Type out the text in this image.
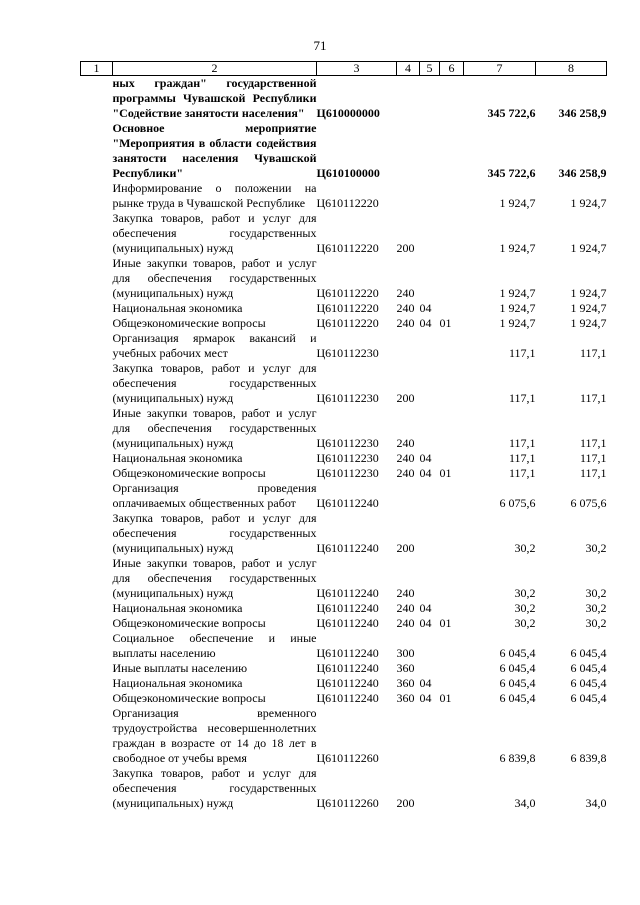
71
1	2	3	4	5	6	7	8
	ных граждан" государственной программы Чувашской Республики "Содействие занятости населения"	Ц610000000				345 722,6	346 258,9
	Основное мероприятие "Мероприятия в области содействия занятости населения Чувашской Республики"	Ц610100000				345 722,6	346 258,9
	Информирование о положении на рынке труда в Чувашской Республике	Ц610112220				1 924,7	1 924,7
	Закупка товаров, работ и услуг для обеспечения государственных (муниципальных) нужд	Ц610112220	200			1 924,7	1 924,7
	Иные закупки товаров, работ и услуг для обеспечения государственных (муниципальных) нужд	Ц610112220	240			1 924,7	1 924,7
	Национальная экономика	Ц610112220	240	04		1 924,7	1 924,7
	Общеэкономические вопросы	Ц610112220	240	04	01	1 924,7	1 924,7
	Организация ярмарок вакансий и учебных рабочих мест	Ц610112230				117,1	117,1
	Закупка товаров, работ и услуг для обеспечения государственных (муниципальных) нужд	Ц610112230	200			117,1	117,1
	Иные закупки товаров, работ и услуг для обеспечения государственных (муниципальных) нужд	Ц610112230	240			117,1	117,1
	Национальная экономика	Ц610112230	240	04		117,1	117,1
	Общеэкономические вопросы	Ц610112230	240	04	01	117,1	117,1
	Организация проведения оплачиваемых общественных работ	Ц610112240				6 075,6	6 075,6
	Закупка товаров, работ и услуг для обеспечения государственных (муниципальных) нужд	Ц610112240	200			30,2	30,2
	Иные закупки товаров, работ и услуг для обеспечения государственных (муниципальных) нужд	Ц610112240	240			30,2	30,2
	Национальная экономика	Ц610112240	240	04		30,2	30,2
	Общеэкономические вопросы	Ц610112240	240	04	01	30,2	30,2
	Социальное обеспечение и иные выплаты населению	Ц610112240	300			6 045,4	6 045,4
	Иные выплаты населению	Ц610112240	360			6 045,4	6 045,4
	Национальная экономика	Ц610112240	360	04		6 045,4	6 045,4
	Общеэкономические вопросы	Ц610112240	360	04	01	6 045,4	6 045,4
	Организация временного трудоустройства несовершеннолетних граждан в возрасте от 14 до 18 лет в свободное от учебы время	Ц610112260				6 839,8	6 839,8
	Закупка товаров, работ и услуг для обеспечения государственных (муниципальных) нужд	Ц610112260	200			34,0	34,0
